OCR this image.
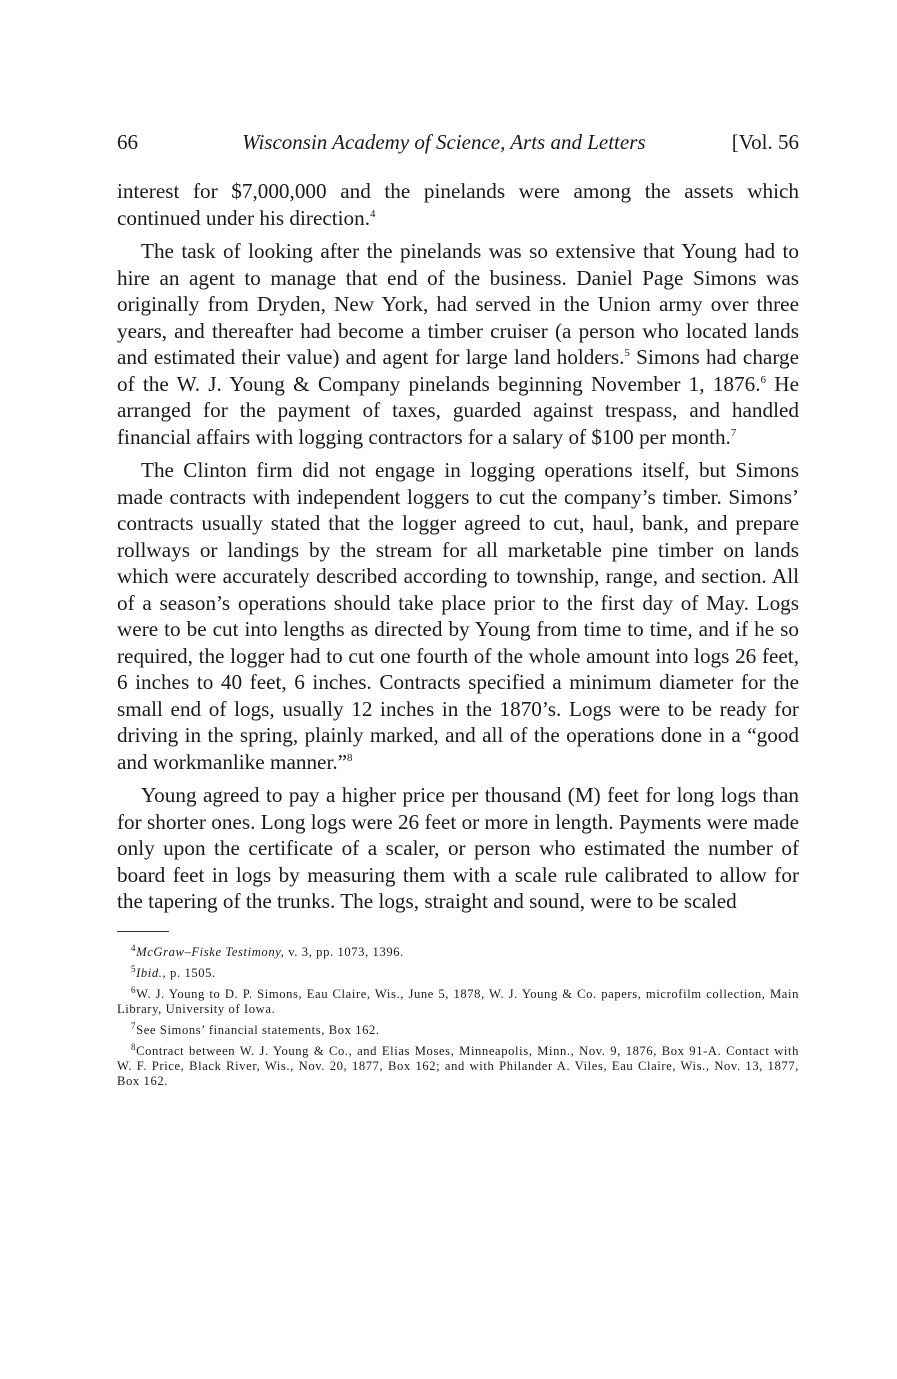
66	Wisconsin Academy of Science, Arts and Letters	[Vol. 56

interest for $7,000,000 and the pinelands were among the assets which continued under his direction.$^4$

The task of looking after the pinelands was so extensive that Young had to hire an agent to manage that end of the business. Daniel Page Simons was originally from Dryden, New York, had served in the Union army over three years, and thereafter had become a timber cruiser (a person who located lands and estimated their value) and agent for large land holders.$^5$ Simons had charge of the W. J. Young & Company pinelands beginning November 1, 1876.$^6$ He arranged for the payment of taxes, guarded against trespass, and handled financial affairs with logging contractors for a salary of $100 per month.$^7$

The Clinton firm did not engage in logging operations itself, but Simons made contracts with independent loggers to cut the company’s timber. Simons’ contracts usually stated that the logger agreed to cut, haul, bank, and prepare rollways or landings by the stream for all marketable pine timber on lands which were accurately described according to township, range, and section. All of a season’s operations should take place prior to the first day of May. Logs were to be cut into lengths as directed by Young from time to time, and if he so required, the logger had to cut one fourth of the whole amount into logs 26 feet, 6 inches to 40 feet, 6 inches. Contracts specified a minimum diameter for the small end of logs, usually 12 inches in the 1870’s. Logs were to be ready for driving in the spring, plainly marked, and all of the operations done in a “good and workmanlike manner.”$^8$

Young agreed to pay a higher price per thousand (M) feet for long logs than for shorter ones. Long logs were 26 feet or more in length. Payments were made only upon the certificate of a scaler, or person who estimated the number of board feet in logs by measuring them with a scale rule calibrated to allow for the tapering of the trunks. The logs, straight and sound, were to be scaled

$^4$McGraw–Fiske Testimony, v. 3, pp. 1073, 1396.
$^5$Ibid., p. 1505.
$^6$W. J. Young to D. P. Simons, Eau Claire, Wis., June 5, 1878, W. J. Young & Co. papers, microfilm collection, Main Library, University of Iowa.
$^7$See Simons’ financial statements, Box 162.
$^8$Contract between W. J. Young & Co., and Elias Moses, Minneapolis, Minn., Nov. 9, 1876, Box 91-A. Contact with W. F. Price, Black River, Wis., Nov. 20, 1877, Box 162; and with Philander A. Viles, Eau Claire, Wis., Nov. 13, 1877, Box 162.
